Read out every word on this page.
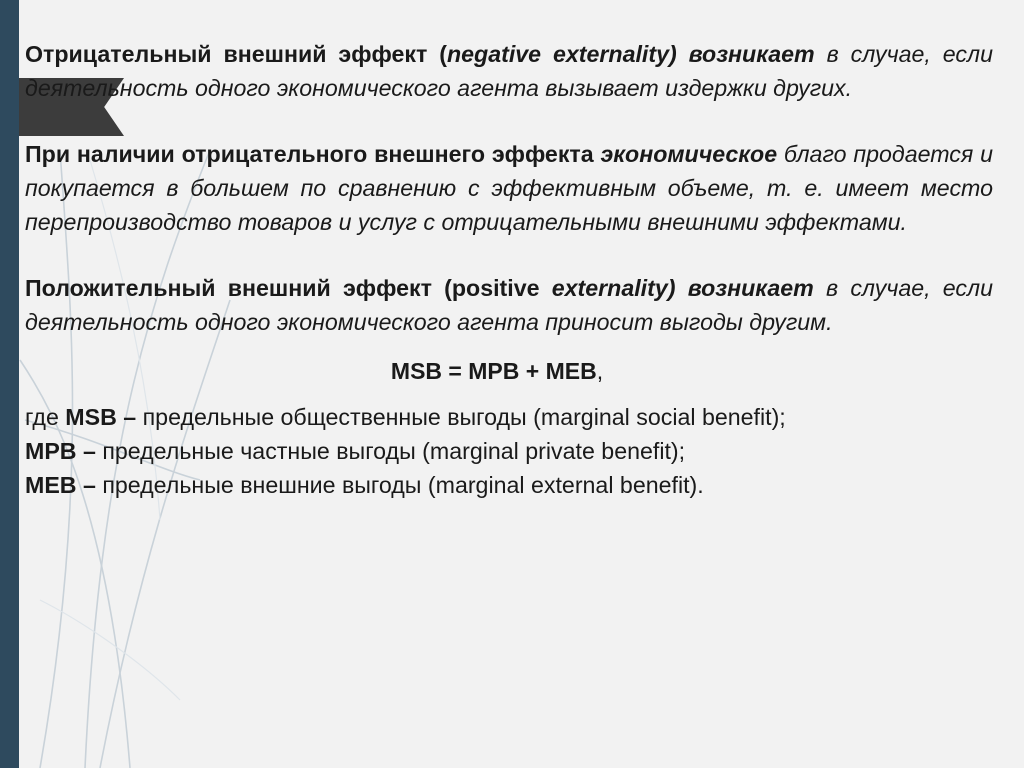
Отрицательный внешний эффект (negative externality) возникает в случае, если деятельность одного экономического агента вызывает издержки других.

При наличии отрицательного внешнего эффекта экономическое благо продается и покупается в большем по сравнению с эффективным объеме, т. е. имеет место перепроизводство товаров и услуг с отрицательными внешними эффектами.

Положительный внешний эффект (positive externality) возникает в случае, если деятельность одного экономического агента приносит выгоды другим.

MSB = MPB + MEB,
где MSB – предельные общественные выгоды (marginal social benefit);
MPB – предельные частные выгоды (marginal private benefit);
MEB – предельные внешние выгоды (marginal external benefit).
